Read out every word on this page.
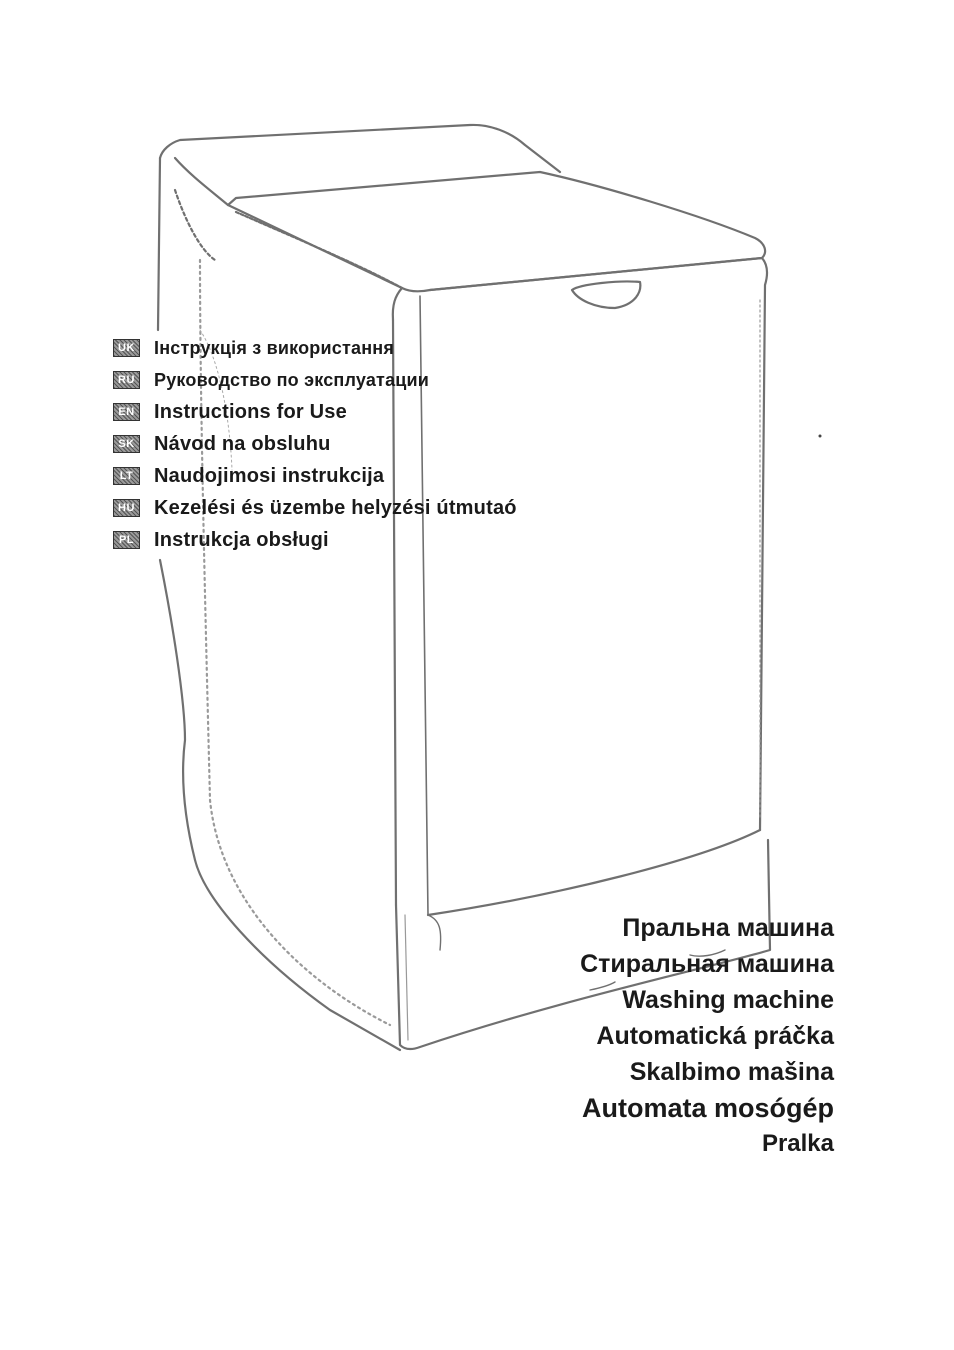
UK Інструкція з використання
RU Руководство по эксплуатации
EN Instructions for Use
SK Návod na obsluhu
LT	Naudojimosi instrukcija
HU Kezelési és üzembe helyzési útmutaó
PL Instrukcja obsługi
Пральна машина
Стиральная машина
Washing machine
Automatická práčka
Skalbimo mašina
Automata mosógép
Pralka
